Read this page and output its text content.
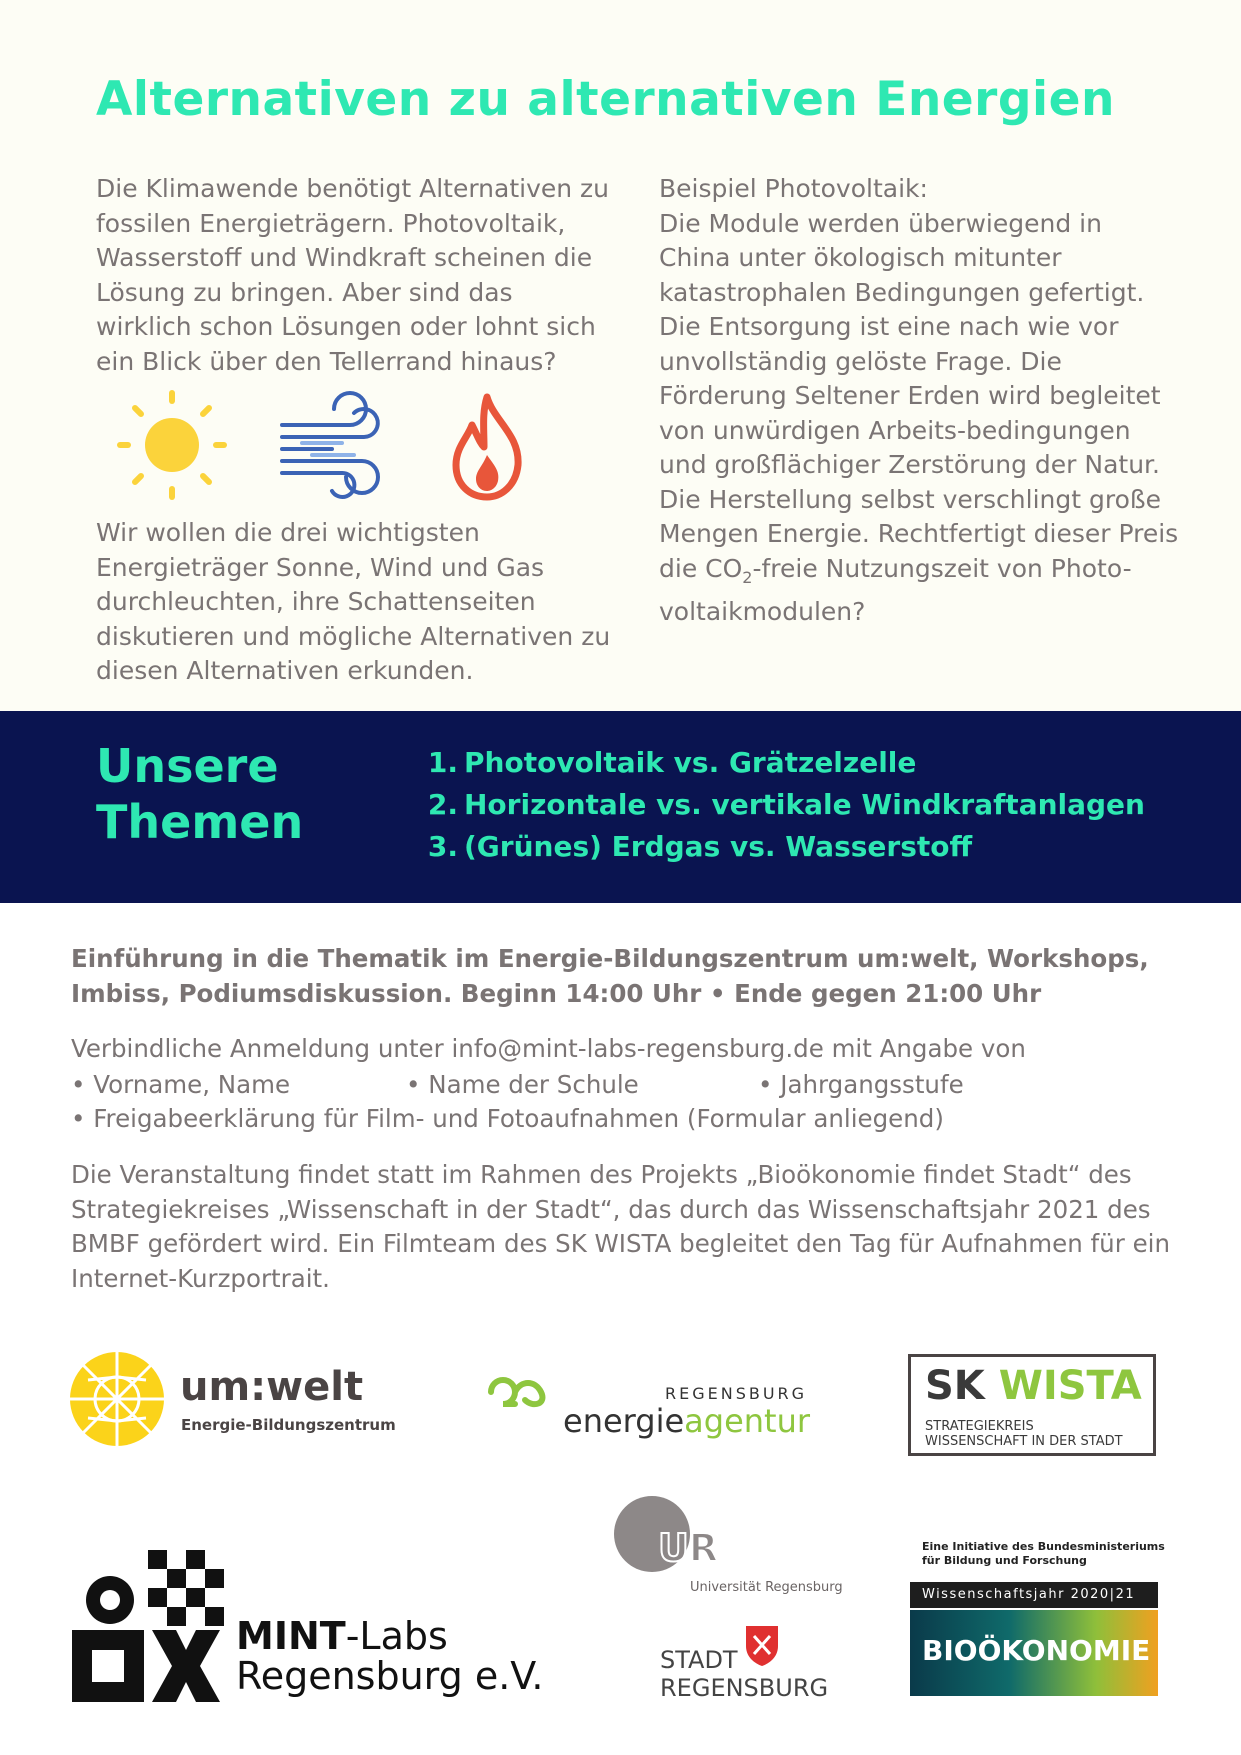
Alternativen zu alternativen Energien

Die Klimawende benötigt Alternativen zu fossilen Energieträgern. Photovoltaik, Wasserstoff und Windkraft scheinen die Lösung zu bringen. Aber sind das wirklich schon Lösungen oder lohnt sich ein Blick über den Tellerrand hinaus?

Wir wollen die drei wichtigsten Energieträger Sonne, Wind und Gas durchleuchten, ihre Schattenseiten diskutieren und mögliche Alternativen zu diesen Alternativen erkunden.

Beispiel Photovoltaik:
Die Module werden überwiegend in China unter ökologisch mitunter katastrophalen Bedingungen gefertigt. Die Entsorgung ist eine nach wie vor unvollständig gelöste Frage. Die Förderung Seltener Erden wird begleitet von unwürdigen Arbeits-bedingungen und großflächiger Zerstörung der Natur. Die Herstellung selbst verschlingt große Mengen Energie. Rechtfertigt dieser Preis die $CO_2$-freie Nutzungszeit von Photo-voltaikmodulen?
Unsere
Themen
1. Photovoltaik vs. Grätzelzelle
2. Horizontale vs. vertikale Windkraftanlagen
3. (Grünes) Erdgas vs. Wasserstoff

Einführung in die Thematik im Energie-Bildungszentrum um:welt, Workshops, Imbiss, Podiumsdiskussion. Beginn 14:00 Uhr • Ende gegen 21:00 Uhr

Verbindliche Anmeldung unter info@mint-labs-regensburg.de mit Angabe von

• Vorname, Name	• Name der Schule	• Jahrgangsstufe
• Freigabeerklärung für Film- und Fotoaufnahmen (Formular anliegend)

Die Veranstaltung findet statt im Rahmen des Projekts „Bioökonomie findet Stadt“ des Strategiekreises „Wissenschaft in der Stadt“, das durch das Wissenschaftsjahr 2021 des BMBF gefördert wird. Ein Filmteam des SK WISTA begleitet den Tag für Aufnahmen für ein Internet-Kurzportrait.

um:welt
Energie-Bildungszentrum
REGENSBURG
energieagentur
SK WISTA
STRATEGIEKREIS
WISSENSCHAFT IN DER STADT
MINT-Labs
Regensburg e.V.
UR
Universität Regensburg
STADT
REGENSBURG
Eine Initiative des Bundesministeriums
für Bildung und Forschung
Wissenschaftsjahr 2020|21
BIOÖKONOMIE
